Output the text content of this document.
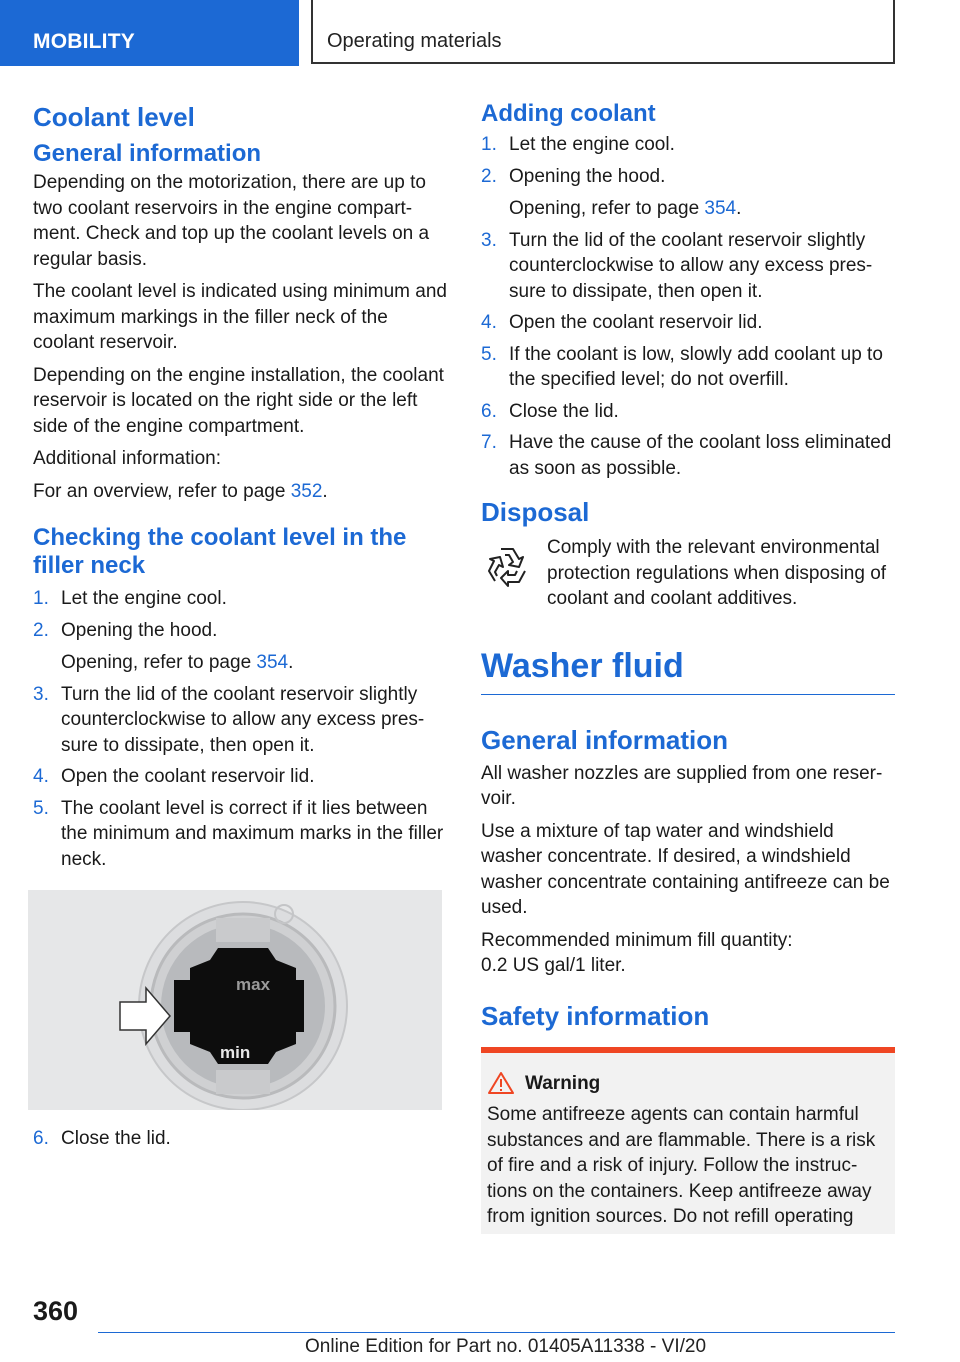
MOBILITY	Operating materials
Coolant level
General information

Depending on the motorization, there are up to two coolant reservoirs in the engine compart-ment. Check and top up the coolant levels on a regular basis.

The coolant level is indicated using minimum and maximum markings in the filler neck of the coolant reservoir.

Depending on the engine installation, the coolant reservoir is located on the right side or the left side of the engine compartment.

Additional information:

For an overview, refer to page 352.

Checking the coolant level in the filler neck
1. Let the engine cool.
2. Opening the hood.
Opening, refer to page 354.
3. Turn the lid of the coolant reservoir slightly counterclockwise to allow any excess pres-sure to dissipate, then open it.
4. Open the coolant reservoir lid.
5. The coolant level is correct if it lies between the minimum and maximum marks in the filler neck.
max
min
6. Close the lid.
Adding coolant
1. Let the engine cool.
2. Opening the hood.
Opening, refer to page 354.
3. Turn the lid of the coolant reservoir slightly counterclockwise to allow any excess pres-sure to dissipate, then open it.
4. Open the coolant reservoir lid.
5. If the coolant is low, slowly add coolant up to the specified level; do not overfill.
6. Close the lid.
7. Have the cause of the coolant loss eliminated as soon as possible.
Disposal
Comply with the relevant environmental protection regulations when disposing of coolant and coolant additives.
Washer fluid
General information

All washer nozzles are supplied from one reser-voir.

Use a mixture of tap water and windshield washer concentrate. If desired, a windshield washer concentrate containing antifreeze can be used.

Recommended minimum fill quantity:
0.2 US gal/1 liter.

Safety information
Warning
Some antifreeze agents can contain harmful substances and are flammable. There is a risk of fire and a risk of injury. Follow the instruc-tions on the containers. Keep antifreeze away from ignition sources. Do not refill operating
360
Online Edition for Part no. 01405A11338 - VI/20
